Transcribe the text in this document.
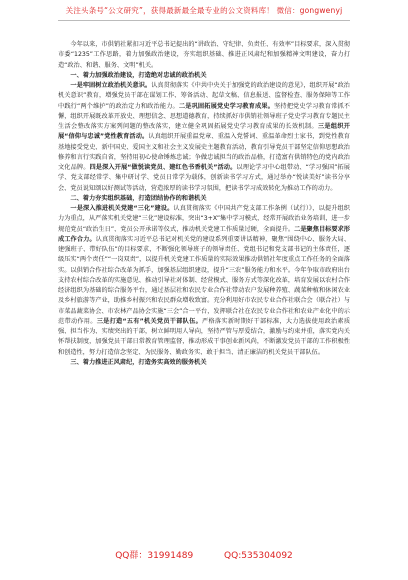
关注头条号“公文研究”，获得最新最全最专业的公文资料库！ 微信：gongwenyj

今年以来，市供销社紧扣习近平总书记提出的“讲政治、守纪律、负责任、有效率”目标要求，深入贯彻市委“1235”工作思路，着力加强政治建设，夯实组织基础、推进正风肃纪和加强精神文明建设，奋力打造“政治、和谐、服务、文明”机关。

一、着力加强政治建设，打造绝对忠诚的政治机关

一是牢固树立政治机关意识。认真贯彻落实《中共中央关于加强党的政治建设的意见》，组织开展“政治机关意识”教育，增强党员干部在谋划工作、筹备活动、起草文稿、信息报送、监督检查、服务保障等工作中践行“两个维护”的政治定力和政治能力。二是巩固拓展党史学习教育成果。坚持把党史学习教育常抓不懈，组织开展既改革开放史、理想信念、思想道德教育，持续抓好市供销社领导班子党史学习教育专题民主生活会整改落实方案列问题的整改落实，建立健全巩固拓展党史学习教育成果的长效机制。三是组织开展“信仰与忠诚”党性教育活动。认真组织开展重温党章、重温入党誓词、重温革命烈士家书，到党性教育基地接受党史、新中国史、爱国主义和社会主义发展史主题教育活动，教育引导党员干部坚定信仰思想政治修养和言行实践自省，坚持用初心使命锤炼忠诚；争做忠诚担当的政治品格，打造富有供销特色的党内政治文化品牌。四是深入开展“做悦读党员、建红色书香机关”活动。以理论学习中心组带动、“学习强国”拓展学、党支部经常学、集中研讨学、党员日常学为载体，创新读书学习方式，通过举办“悦读美好”读书分享会、党员说知颂以好测试等活动，营造浓厚的读书学习氛围，把读书学习成效转化为推动工作的动力。

二、着力夯实组织基础，打造团结协作的和谐机关

一是深入推进机关党建“三化”建设。认真贯彻落实《中国共产党支部工作条例（试行）》，以提升组织力为重点，从严落实机关党建“三化”建设标准，突出“3+X”集中学习模式，经常开展政治业务培训，进一步规范党员“政治生日”、党员公开承诺等仪式，推动机关党建工作质量过硬，全面提升。二是聚焦目标要求形成工作合力。认真贯彻落实习近平总书记对机关党的建设系列重要讲话精神，聚焦“围绕中心、服务大局、建强班子、带好队伍”的目标要求，不断强化领导班子的领导责任、党组书记和党支部书记的主体责任，逐级压实“两个责任”“一岗双责”，以提升机关党建工作质量的实际效果推动供销社年度重点工作任务的全面落实。以供销合作社综合改革为抓手，加强基层组织建设，提升“三农”服务能力和水平。今年争取市政府出台支持农村综合改革的实施意见、推动引导社对体制、经营模式、服务方式等深化改革，培育发展以农村合作经济组织为基础的综合服务平台，通过基层社和农民专业合作社带动农户发展种养殖、蔬菜种植和休闲农业及乡村旅游等产业，助推乡村振兴和农民群众增收致富。充分利用好市农民专业合作社联合会（联合社）与市菜品蔬菜协会、市农林产品协会实施“三会”合一平台，发挥联合社在农民专业合作社和农业产业化中的示范带动作用。三是打造“五有”机关党员干部队伍。严格落实新时期好干部标准，大力选拔使用政治素质强、担当作为、实绩突出的干部，树立鲜明用人导向，坚持严管与厚爱结合，激励与约束并重，落实党内关怀帮扶制度，加强党员干部日常教育管理监督，推动形成干事创业新风尚，不断激发党员干部的工作积极性和创造性，努力打造信念坚定、为民服务、勤政务实、敢于担当、清正廉洁的机关党员干部队伍。

三、着力推进正风肃纪，打造务实高效的服务机关

QQ群：31991489	QQ:535304092
